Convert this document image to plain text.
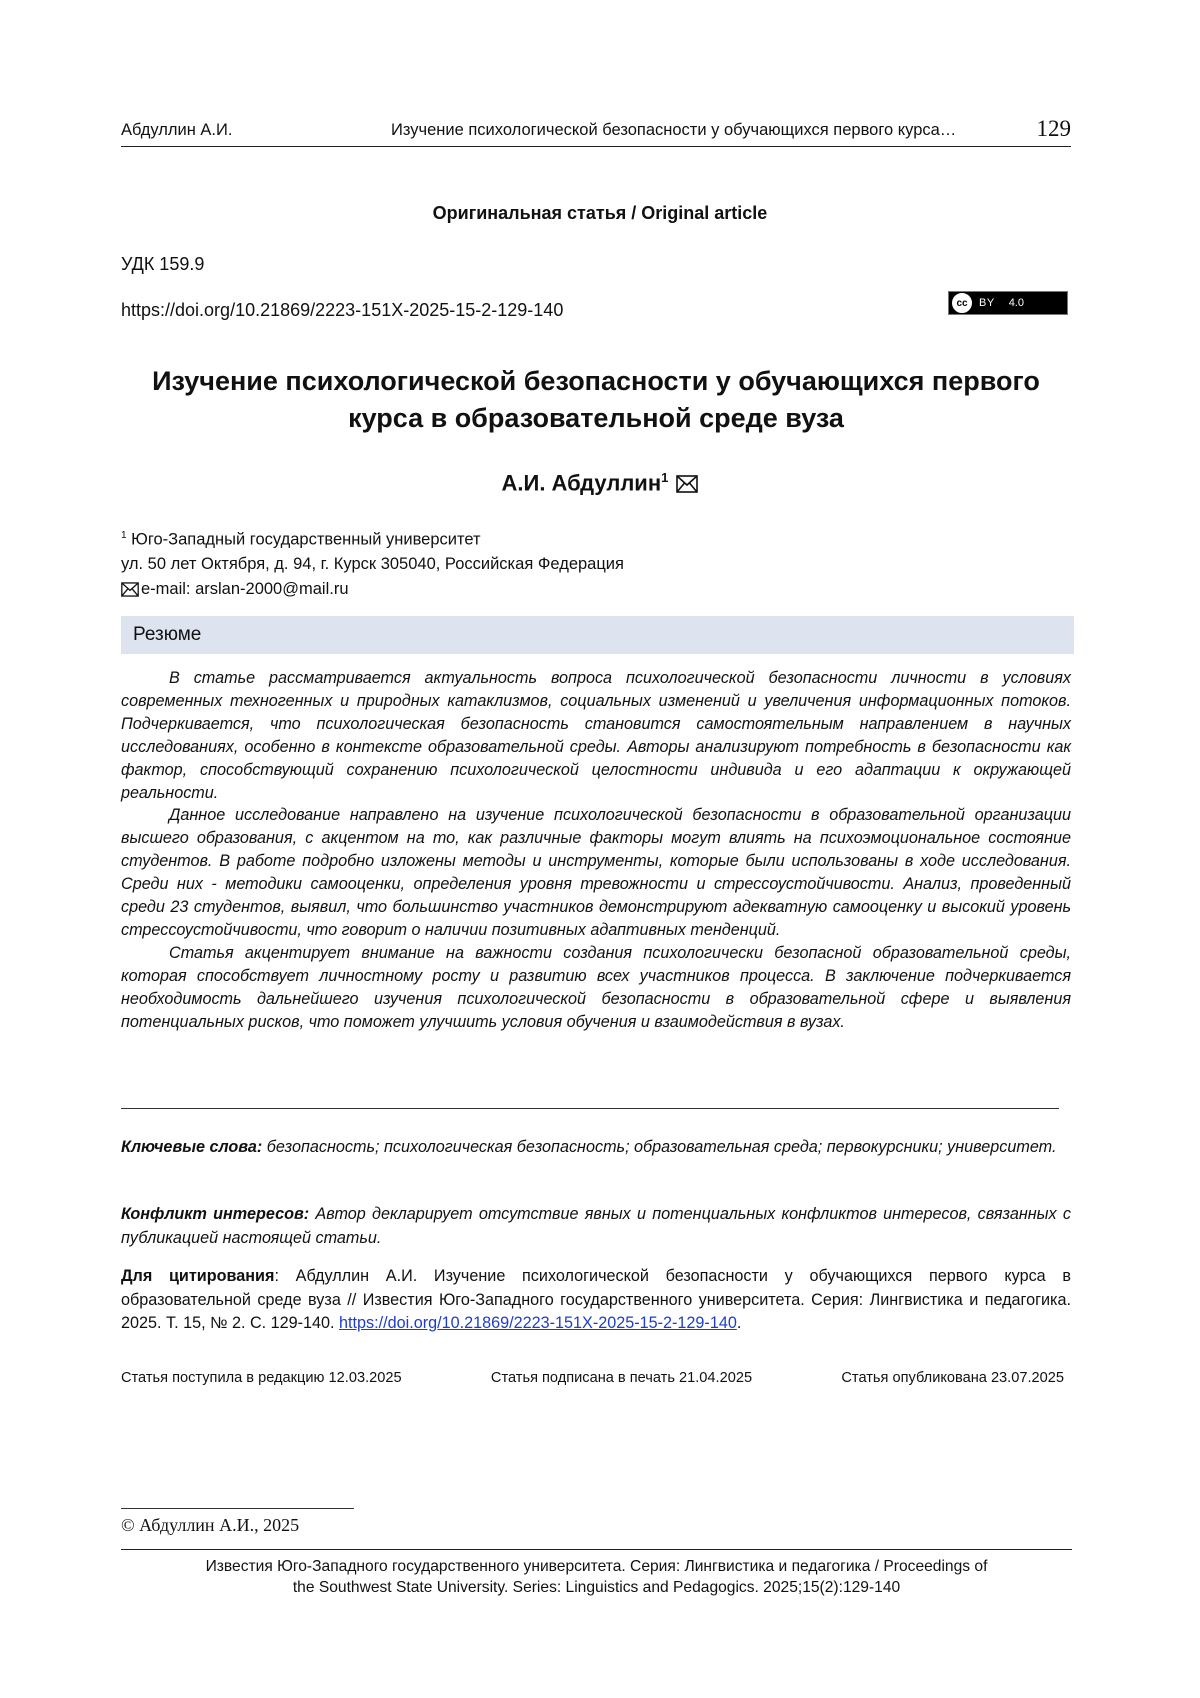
Абдуллин А.И.	Изучение психологической безопасности у обучающихся первого курса…	129
Оригинальная статья / Original article
УДК 159.9
https://doi.org/10.21869/2223-151X-2025-15-2-129-140	cc	BY 4.0
Изучение психологической безопасности у обучающихся первого
курса в образовательной среде вуза
А.И. Абдуллин$^1$
$^1$ Юго-Западный государственный университет
ул. 50 лет Октября, д. 94, г. Курск 305040, Российская Федерация
e-mail: arslan-2000@mail.ru
Резюме

В статье рассматривается актуальность вопроса психологической безопасности личности в условиях современных техногенных и природных катаклизмов, социальных изменений и увеличения информационных потоков. Подчеркивается, что психологическая безопасность становится самостоятельным направлением в научных исследованиях, особенно в контексте образовательной среды. Авторы анализируют потребность в безопасности как фактор, способствующий сохранению психологической целостности индивида и его адаптации к окружающей реальности.

Данное исследование направлено на изучение психологической безопасности в образовательной организации высшего образования, с акцентом на то, как различные факторы могут влиять на психоэмоциональное состояние студентов. В работе подробно изложены методы и инструменты, которые были использованы в ходе исследования. Среди них - методики самооценки, определения уровня тревожности и стрессоустойчивости. Анализ, проведенный среди 23 студентов, выявил, что большинство участников демонстрируют адекватную самооценку и высокий уровень стрессоустойчивости, что говорит о наличии позитивных адаптивных тенденций.

Статья акцентирует внимание на важности создания психологически безопасной образовательной среды, которая способствует личностному росту и развитию всех участников процесса. В заключение подчеркивается необходимость дальнейшего изучения психологической безопасности в образовательной сфере и выявления потенциальных рисков, что поможет улучшить условия обучения и взаимодействия в вузах.

Ключевые слова: безопасность; психологическая безопасность; образовательная среда; первокурсники; университет.
Конфликт интересов: Автор декларирует отсутствие явных и потенциальных конфликтов интересов, связанных с публикацией настоящей статьи.
Для цитирования: Абдуллин А.И. Изучение психологической безопасности у обучающихся первого курса в образовательной среде вуза // Известия Юго-Западного государственного университета. Серия: Лингвистика и педагогика. 2025. Т. 15, № 2. С. 129-140. https://doi.org/10.21869/2223-151X-2025-15-2-129-140.
Статья поступила в редакцию 12.03.2025	Статья подписана в печать 21.04.2025	Статья опубликована 23.07.2025
© Абдуллин А.И., 2025
Известия Юго-Западного государственного университета. Серия: Лингвистика и педагогика / Proceedings of
the Southwest State University. Series: Linguistics and Pedagogics. 2025;15(2):129-140
